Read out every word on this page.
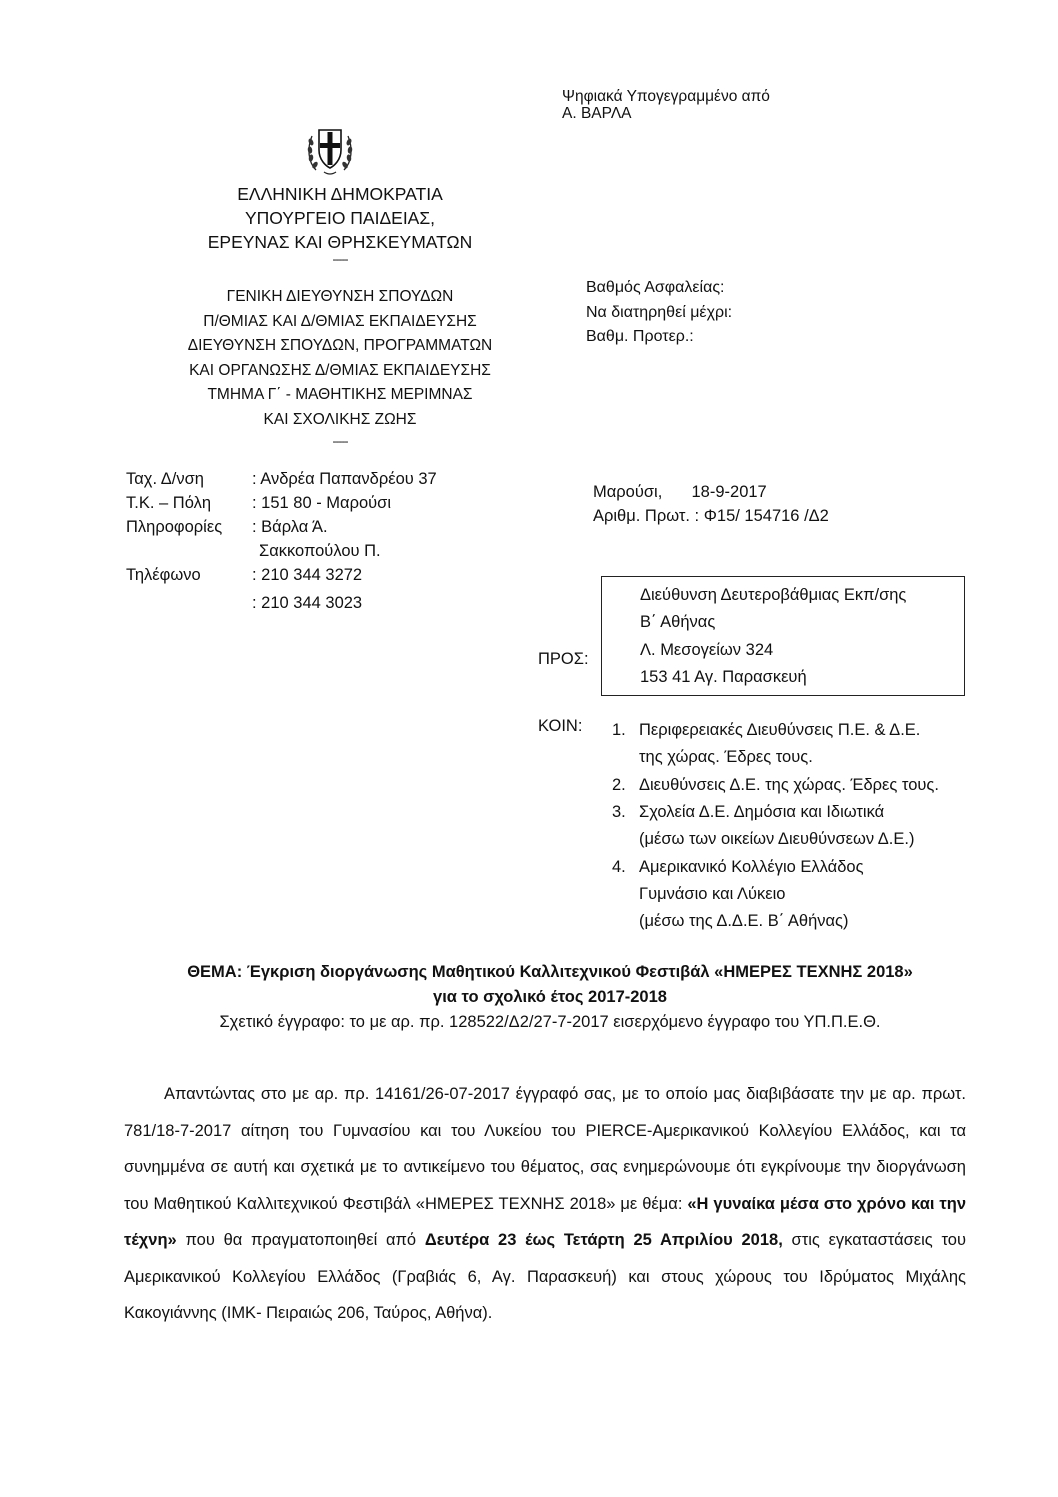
Ψηφιακά Υπογεγραμμένο από
Α. ΒΑΡΛΑ
ΕΛΛΗΝΙΚΗ ΔΗΜΟΚΡΑΤΙΑ
ΥΠΟΥΡΓΕΙΟ ΠΑΙΔΕΙΑΣ,
ΕΡΕΥΝΑΣ ΚΑΙ ΘΡΗΣΚΕΥΜΑΤΩΝ
-----
ΓΕΝΙΚΗ ΔΙΕΥΘΥΝΣΗ ΣΠΟΥΔΩΝ
Π/ΘΜΙΑΣ ΚΑΙ Δ/ΘΜΙΑΣ ΕΚΠΑΙΔΕΥΣΗΣ
ΔΙΕΥΘΥΝΣΗ ΣΠΟΥΔΩΝ, ΠΡΟΓΡΑΜΜΑΤΩΝ
ΚΑΙ ΟΡΓΑΝΩΣΗΣ Δ/ΘΜΙΑΣ ΕΚΠΑΙΔΕΥΣΗΣ
ΤΜΗΜΑ Γ΄ - ΜΑΘΗΤΙΚΗΣ ΜΕΡΙΜΝΑΣ
ΚΑΙ ΣΧΟΛΙΚΗΣ ΖΩΗΣ
-----
Βαθμός Ασφαλείας:
Να διατηρηθεί μέχρι:
Βαθμ. Προτερ.:
Ταχ. Δ/νση	: Ανδρέα Παπανδρέου 37
Τ.Κ. – Πόλη : 151 80 - Μαρούσι
Πληροφορίες : Βάρλα Ά.
Σακκοπούλου Π.
Τηλέφωνο	: 210 344 3272
: 210 344 3023
Μαρούσι, 18-9-2017
Αριθμ. Πρωτ. : Φ15/ 154716 /Δ2
ΠΡΟΣ:
Διεύθυνση Δευτεροβάθμιας Εκπ/σης
Β΄ Αθήνας
Λ. Μεσογείων 324
153 41 Αγ. Παρασκευή
ΚΟΙΝ: 1. Περιφερειακές Διευθύνσεις Π.Ε. & Δ.Ε.
της χώρας. Έδρες τους.
2. Διευθύνσεις Δ.Ε. της χώρας. Έδρες τους.
3. Σχολεία Δ.Ε. Δημόσια και Ιδιωτικά
(μέσω των οικείων Διευθύνσεων Δ.Ε.)
4. Αμερικανικό Κολλέγιο Ελλάδος
Γυμνάσιο και Λύκειο
(μέσω της Δ.Δ.Ε. Β΄ Αθήνας)
ΘΕΜΑ: Έγκριση διοργάνωσης Μαθητικού Καλλιτεχνικού Φεστιβάλ «ΗΜΕΡΕΣ ΤΕΧΝΗΣ 2018»
για το σχολικό έτος 2017-2018
Σχετικό έγγραφο: το με αρ. πρ. 128522/Δ2/27-7-2017 εισερχόμενο έγγραφο του ΥΠ.Π.Ε.Θ.

Απαντώντας στο με αρ. πρ. 14161/26-07-2017 έγγραφό σας, με το οποίο μας διαβιβάσατε την με αρ. πρωτ. 781/18-7-2017 αίτηση του Γυμνασίου και του Λυκείου του PIERCE-Αμερικανικού Κολλεγίου Ελλάδος, και τα συνημμένα σε αυτή και σχετικά με το αντικείμενο του θέματος, σας ενημερώνουμε ότι εγκρίνουμε την διοργάνωση του Μαθητικού Καλλιτεχνικού Φεστιβάλ «ΗΜΕΡΕΣ ΤΕΧΝΗΣ 2018» με θέμα: «Η γυναίκα μέσα στο χρόνο και την τέχνη» που θα πραγματοποιηθεί από Δευτέρα 23 έως Τετάρτη 25 Απριλίου 2018, στις εγκαταστάσεις του Αμερικανικού Κολλεγίου Ελλάδος (Γραβιάς 6, Αγ. Παρασκευή) και στους χώρους του Ιδρύματος Μιχάλης Κακογιάννης (ΙΜΚ- Πειραιώς 206, Ταύρος, Αθήνα).
